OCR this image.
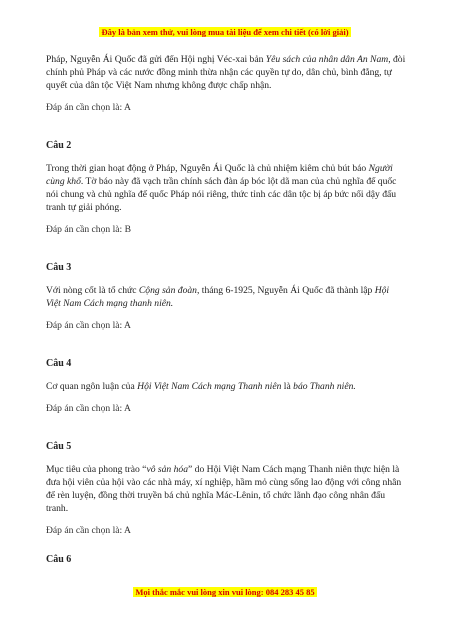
Đây là bản xem thử, vui lòng mua tài liệu để xem chi tiết (có lời giải)

Pháp, Nguyễn Ái Quốc đã gửi đến Hội nghị Véc-xai bản Yêu sách của nhân dân An Nam, đòi chính phủ Pháp và các nước đồng minh thừa nhận các quyền tự do, dân chủ, bình đẳng, tự quyết của dân tộc Việt Nam nhưng không được chấp nhận.

Đáp án cần chọn là: A

Câu 2

Trong thời gian hoạt động ở Pháp, Nguyễn Ái Quốc là chủ nhiệm kiêm chủ bút báo Người cùng khổ. Tờ báo này đã vạch trần chính sách đàn áp bóc lột dã man của chủ nghĩa đế quốc nói chung và chủ nghĩa đế quốc Pháp nói riêng, thức tỉnh các dân tộc bị áp bức nổi dậy đấu tranh tự giải phóng.

Đáp án cần chọn là: B

Câu 3

Với nòng cốt là tổ chức Cộng sản đoàn, tháng 6-1925, Nguyễn Ái Quốc đã thành lập Hội Việt Nam Cách mạng thanh niên.

Đáp án cần chọn là: A

Câu 4

Cơ quan ngôn luận của Hội Việt Nam Cách mạng Thanh niên là báo Thanh niên.

Đáp án cần chọn là: A

Câu 5

Mục tiêu của phong trào “vô sản hóa” do Hội Việt Nam Cách mạng Thanh niên thực hiện là đưa hội viên của hội vào các nhà máy, xí nghiệp, hầm mỏ cùng sống lao động với công nhân để rèn luyện, đồng thời truyền bá chủ nghĩa Mác-Lênin, tổ chức lãnh đạo công nhân đấu tranh.

Đáp án cần chọn là: A

Câu 6

Mọi thắc mắc vui lòng xin vui lòng: 084 283 45 85
